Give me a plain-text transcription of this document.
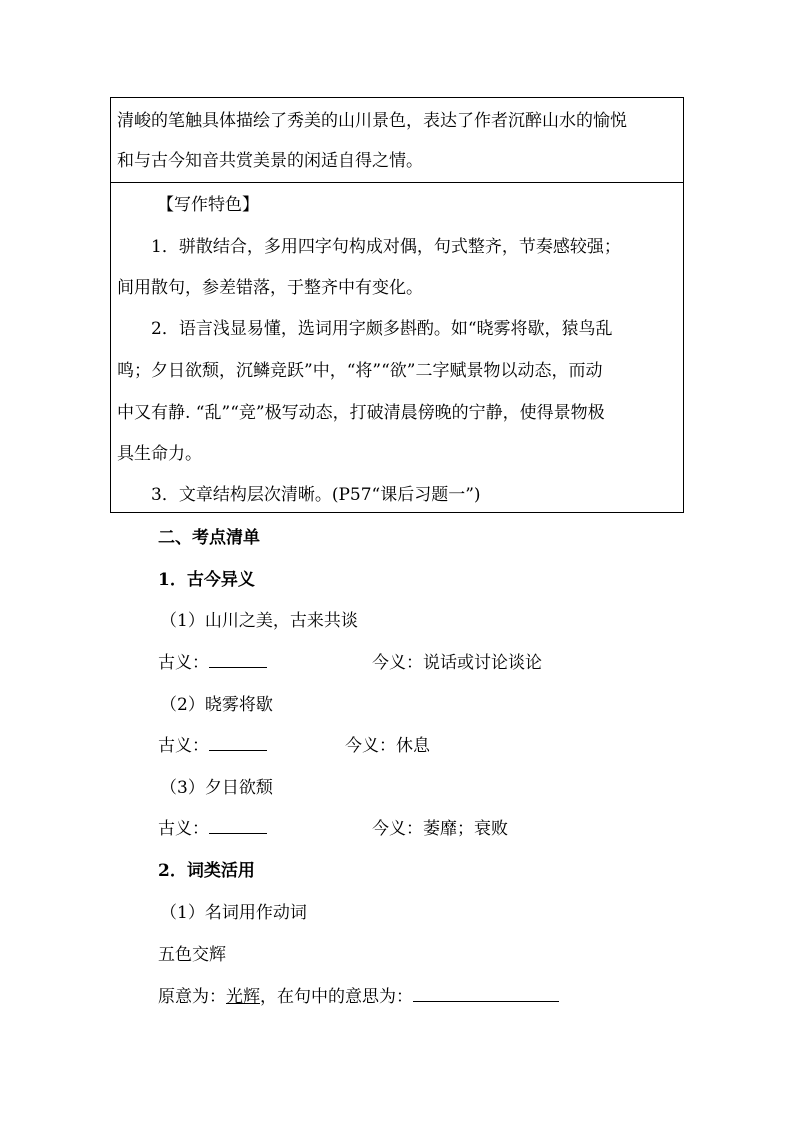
清峻的笔触具体描绘了秀美的山川景色，表达了作者沉醉山水的愉悦
和与古今知音共赏美景的闲适自得之情。
【写作特色】
1．骈散结合，多用四字句构成对偶，句式整齐，节奏感较强；
间用散句，参差错落，于整齐中有变化。
2．语言浅显易懂，选词用字颇多斟酌。如“晓雾将歇，猿鸟乱
鸣；夕日欲颓，沉鳞竞跃”中，“将”“欲”二字赋景物以动态，而动
中又有静. “乱”“竞”极写动态，打破清晨傍晚的宁静，使得景物极
具生命力。
3．文章结构层次清晰。(P57“课后习题一”)
二、考点清单
1．古今异义
（1）山川之美，古来共谈
古义：	今义：说话或讨论谈论
（2）晓雾将歇
古义：	今义：休息
（3）夕日欲颓
古义：	今义：萎靡；衰败
2．词类活用
（1）名词用作动词
五色交辉
原意为：光辉，在句中的意思为：
